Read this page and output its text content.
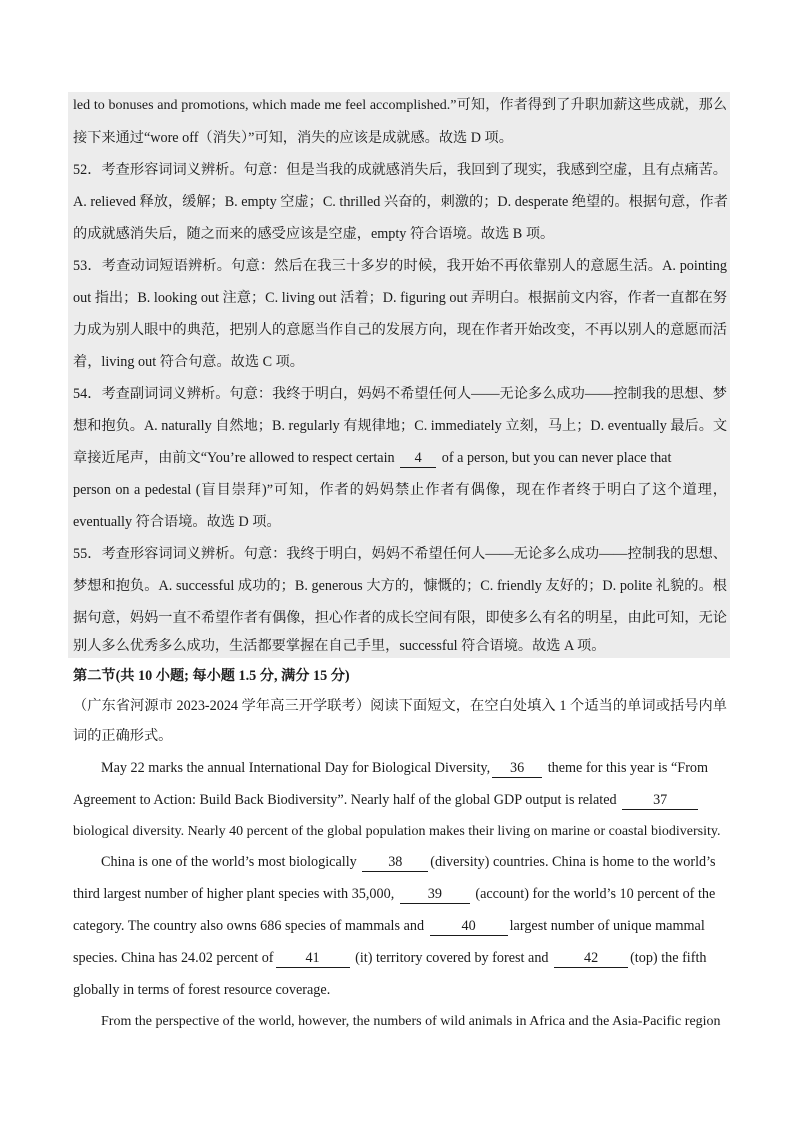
led to bonuses and promotions, which made me feel accomplished.”可知，作者得到了升职加薪这些成就，那么
接下来通过“wore off（消失）”可知，消失的应该是成就感。故选 D 项。
52．考查形容词词义辨析。句意：但是当我的成就感消失后，我回到了现实，我感到空虚，且有点痛苦。
A. relieved 释放，缓解；B. empty 空虚；C. thrilled 兴奋的，刺激的；D. desperate 绝望的。根据句意，作者
的成就感消失后，随之而来的感受应该是空虚，empty 符合语境。故选 B 项。
53．考查动词短语辨析。句意：然后在我三十多岁的时候，我开始不再依靠别人的意愿生活。A. pointing
out 指出；B. looking out 注意；C. living out 活着；D. figuring out 弄明白。根据前文内容，作者一直都在努
力成为别人眼中的典范，把别人的意愿当作自己的发展方向，现在作者开始改变，不再以别人的意愿而活
着，living out 符合句意。故选 C 项。
54．考查副词词义辨析。句意：我终于明白，妈妈不希望任何人——无论多么成功——控制我的思想、梦
想和抱负。A. naturally 自然地；B. regularly 有规律地；C. immediately 立刻，马上；D. eventually 最后。文
章接近尾声，由前文“You’re allowed to respect certain 4 of a person, but you can never place that
person on a pedestal (盲目崇拜)”可知，作者的妈妈禁止作者有偶像，现在作者终于明白了这个道理，
eventually 符合语境。故选 D 项。
55．考查形容词词义辨析。句意：我终于明白，妈妈不希望任何人——无论多么成功——控制我的思想、
梦想和抱负。A. successful 成功的；B. generous 大方的，慷慨的；C. friendly 友好的；D. polite 礼貌的。根
据句意，妈妈一直不希望作者有偶像，担心作者的成长空间有限，即使多么有名的明星，由此可知，无论
别人多么优秀多么成功，生活都要掌握在自己手里，successful 符合语境。故选 A 项。
第二节(共 10 小题; 每小题 1.5 分, 满分 15 分)
（广东省河源市 2023-2024 学年高三开学联考）阅读下面短文，在空白处填入 1 个适当的单词或括号内单
词的正确形式。
May 22 marks the annual International Day for Biological Diversity, 36 theme for this year is “From
Agreement to Action: Build Back Biodiversity”. Nearly half of the global GDP output is related	37
biological diversity. Nearly 40 percent of the global population makes their living on marine or coastal biodiversity.
China is one of the world’s most biologically 38 (diversity) countries. China is home to the world’s
third largest number of higher plant species with 35,000, 39 (account) for the world’s 10 percent of the
category. The country also owns 686 species of mammals and	40 largest number of unique mammal
species. China has 24.02 percent of 41 (it) territory covered by forest and 42 (top) the fifth
globally in terms of forest resource coverage.
From the perspective of the world, however, the numbers of wild animals in Africa and the Asia-Pacific region
